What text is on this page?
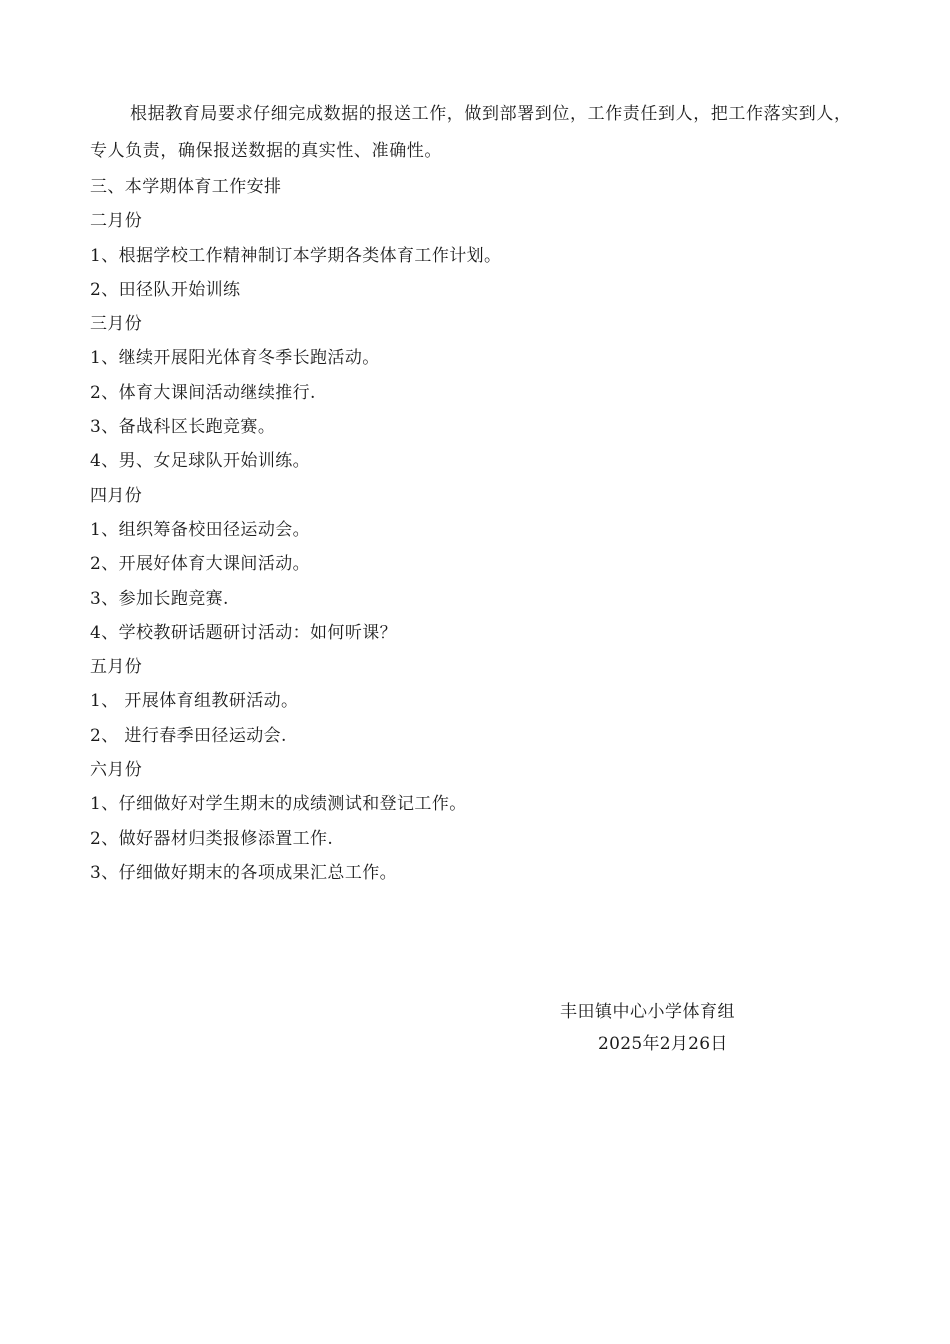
根据教育局要求仔细完成数据的报送工作，做到部署到位，工作责任到人，把工作落实到人，专人负责，确保报送数据的真实性、准确性。

三、本学期体育工作安排
二月份
1、根据学校工作精神制订本学期各类体育工作计划。
2、田径队开始训练
三月份
1、继续开展阳光体育冬季长跑活动。
2、体育大课间活动继续推行.
3、备战科区长跑竞赛。
4、男、女足球队开始训练。
四月份
1、组织筹备校田径运动会。
2、开展好体育大课间活动。
3、参加长跑竞赛.
4、学校教研话题研讨活动：如何听课？
五月份
1、 开展体育组教研活动。
2、 进行春季田径运动会.
六月份
1、仔细做好对学生期末的成绩测试和登记工作。
2、做好器材归类报修添置工作.
3、仔细做好期末的各项成果汇总工作。
丰田镇中心小学体育组
2025年2月26日
